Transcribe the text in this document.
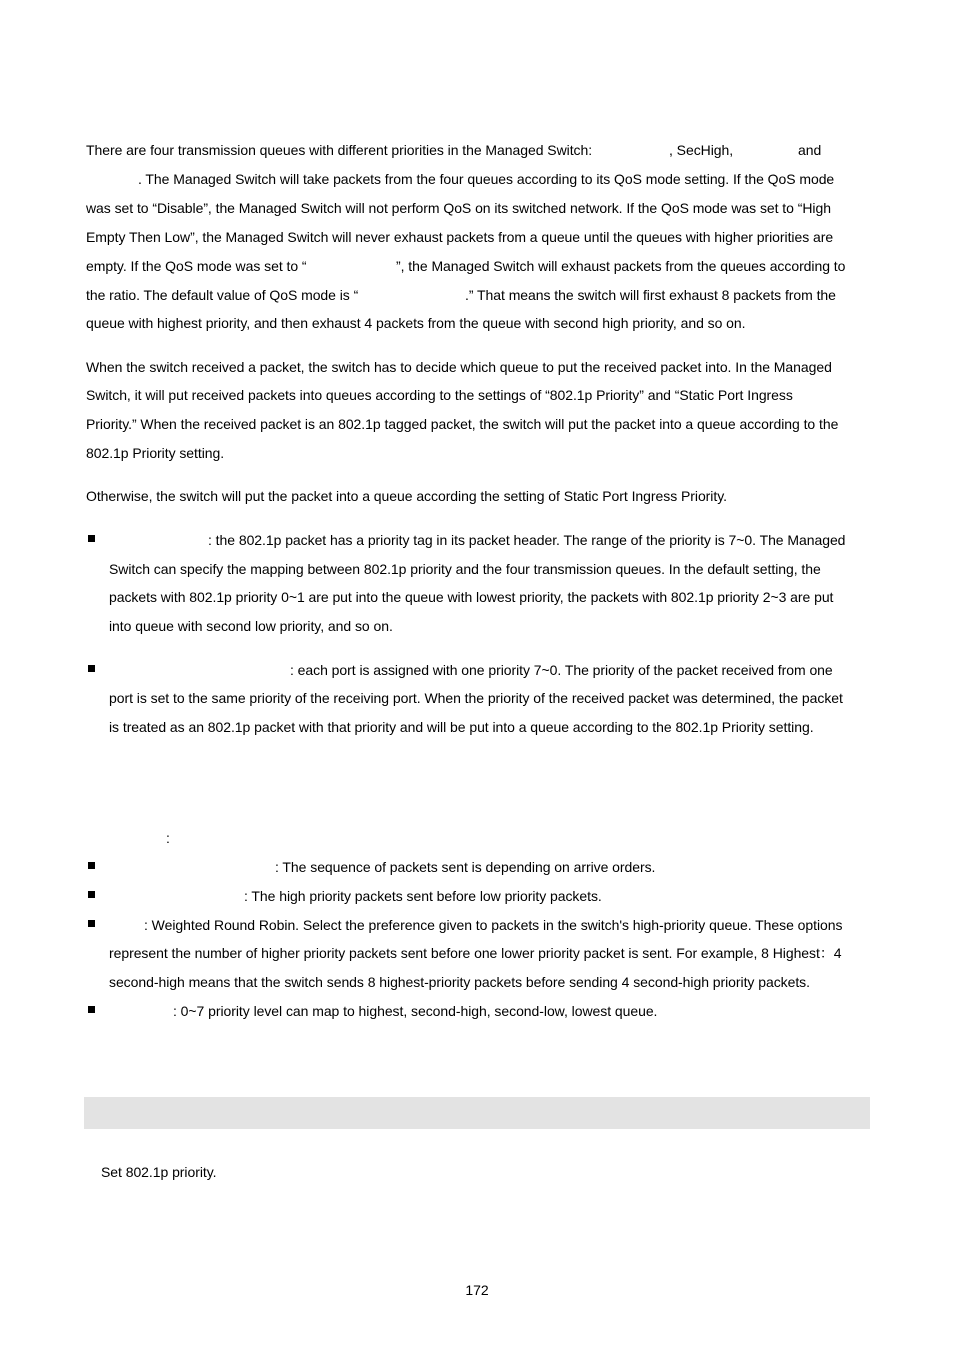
There are four transmission queues with different priorities in the Managed Switch:	, SecHigh,	and
. The Managed Switch will take packets from the four queues according to its QoS mode setting. If the QoS mode
was set to “Disable”, the Managed Switch will not perform QoS on its switched network. If the QoS mode was set to “High
Empty Then Low”, the Managed Switch will never exhaust packets from a queue until the queues with higher priorities are
empty. If the QoS mode was set to “	”, the Managed Switch will exhaust packets from the queues according to
the ratio. The default value of QoS mode is “	.” That means the switch will first exhaust 8 packets from the
queue with highest priority, and then exhaust 4 packets from the queue with second high priority, and so on.
When the switch received a packet, the switch has to decide which queue to put the received packet into. In the Managed
Switch, it will put received packets into queues according to the settings of “802.1p Priority” and “Static Port Ingress
Priority.” When the received packet is an 802.1p tagged packet, the switch will put the packet into a queue according to the
802.1p Priority setting.
Otherwise, the switch will put the packet into a queue according the setting of Static Port Ingress Priority.
: the 802.1p packet has a priority tag in its packet header. The range of the priority is 7~0. The Managed
Switch can specify the mapping between 802.1p priority and the four transmission queues. In the default setting, the
packets with 802.1p priority 0~1 are put into the queue with lowest priority, the packets with 802.1p priority 2~3 are put
into queue with second low priority, and so on.
: each port is assigned with one priority 7~0. The priority of the packet received from one
port is set to the same priority of the receiving port. When the priority of the received packet was determined, the packet
is treated as an 802.1p packet with that priority and will be put into a queue according to the 802.1p Priority setting.
:
: The sequence of packets sent is depending on arrive orders.
: The high priority packets sent before low priority packets.
: Weighted Round Robin. Select the preference given to packets in the switch's high-priority queue. These options
represent the number of higher priority packets sent before one lower priority packet is sent. For example, 8 Highest：4
second-high means that the switch sends 8 highest-priority packets before sending 4 second-high priority packets.
: 0~7 priority level can map to highest, second-high, second-low, lowest queue.
Set 802.1p priority.
172
